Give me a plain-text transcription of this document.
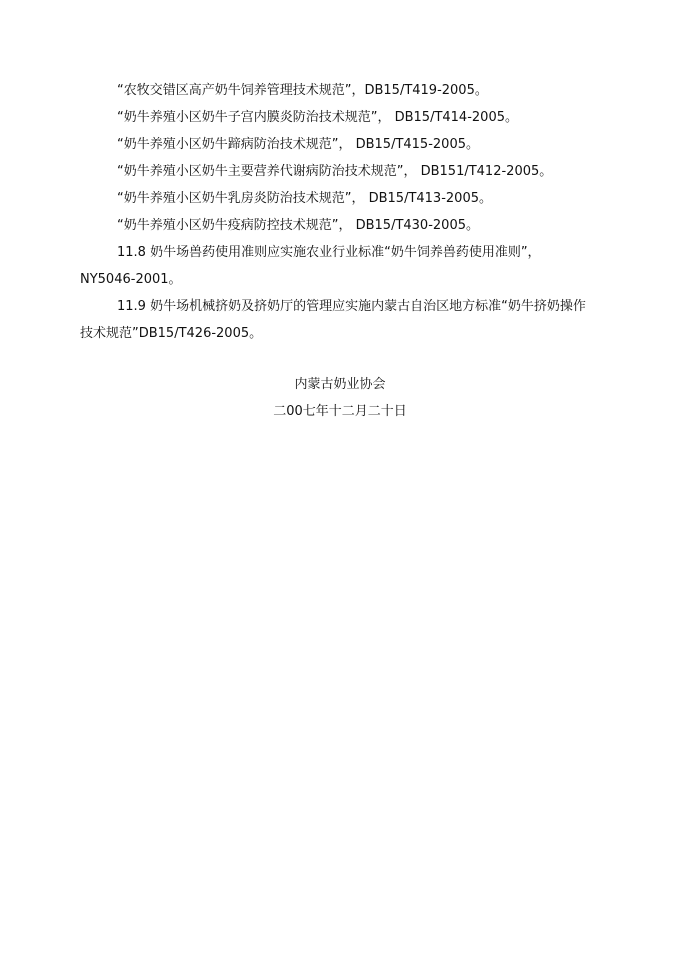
“农牧交错区高产奶牛饲养管理技术规范”，DB15/T419-2005。
“奶牛养殖小区奶牛子宫内膜炎防治技术规范”， DB15/T414-2005。
“奶牛养殖小区奶牛蹄病防治技术规范”， DB15/T415-2005。
“奶牛养殖小区奶牛主要营养代谢病防治技术规范”， DB151/T412-2005。
“奶牛养殖小区奶牛乳房炎防治技术规范”， DB15/T413-2005。
“奶牛养殖小区奶牛疫病防控技术规范”， DB15/T430-2005。
11.8 奶牛场兽药使用准则应实施农业行业标准“奶牛饲养兽药使用准则”，
NY5046-2001。
11.9 奶牛场机械挤奶及挤奶厅的管理应实施内蒙古自治区地方标准“奶牛挤奶操作
技术规范”DB15/T426-2005。
内蒙古奶业协会
二00七年十二月二十日
